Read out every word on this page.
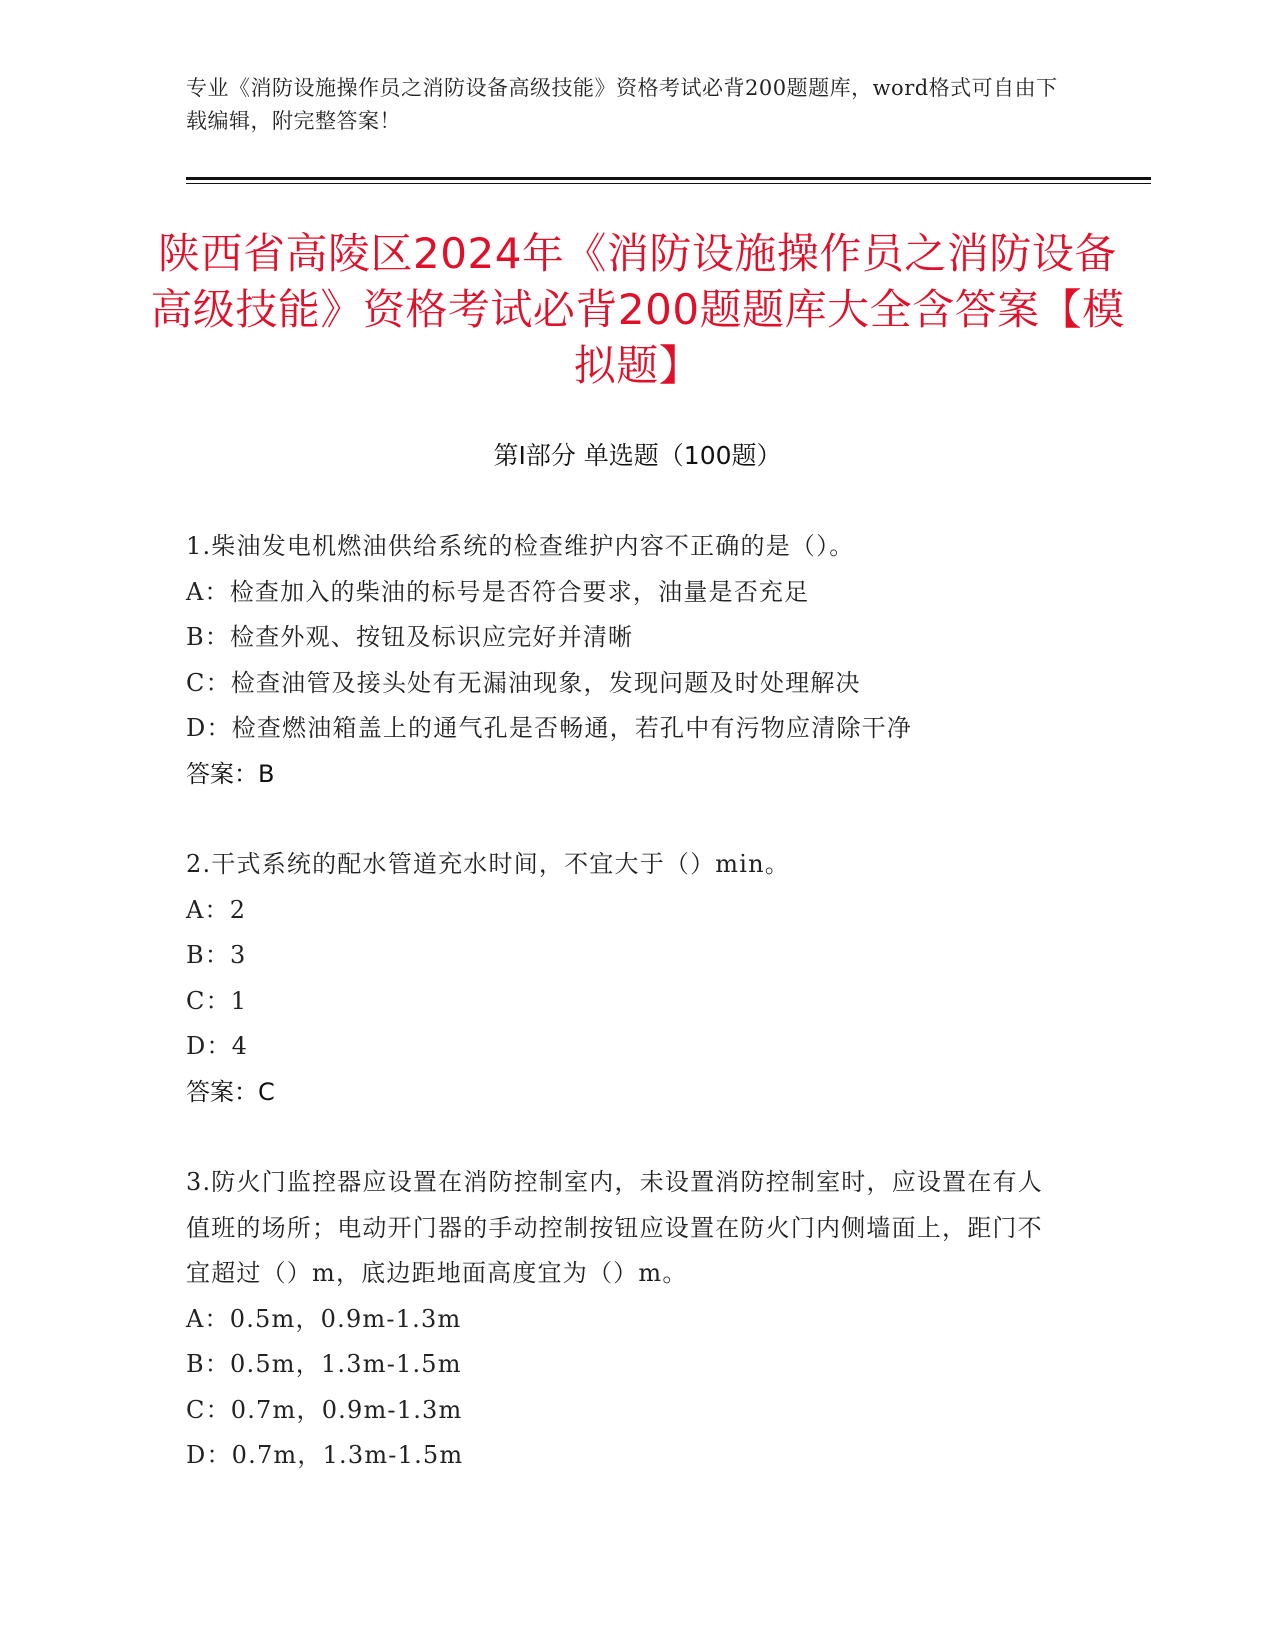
专业《消防设施操作员之消防设备高级技能》资格考试必背200题题库，word格式可自由下载编辑，附完整答案！
陕西省高陵区2024年《消防设施操作员之消防设备高级技能》资格考试必背200题题库大全含答案【模拟题】
第I部分 单选题（100题）
1.柴油发电机燃油供给系统的检查维护内容不正确的是（）。
A：检查加入的柴油的标号是否符合要求，油量是否充足
B：检查外观、按钮及标识应完好并清晰
C：检查油管及接头处有无漏油现象，发现问题及时处理解决
D：检查燃油箱盖上的通气孔是否畅通，若孔中有污物应清除干净
答案：B
2.干式系统的配水管道充水时间，不宜大于（）min。
A：2
B：3
C：1
D：4
答案：C
3.防火门监控器应设置在消防控制室内，未设置消防控制室时，应设置在有人值班的场所；电动开门器的手动控制按钮应设置在防火门内侧墙面上，距门不宜超过（）m，底边距地面高度宜为（）m。
A：0.5m，0.9m-1.3m
B：0.5m，1.3m-1.5m
C：0.7m，0.9m-1.3m
D：0.7m，1.3m-1.5m
